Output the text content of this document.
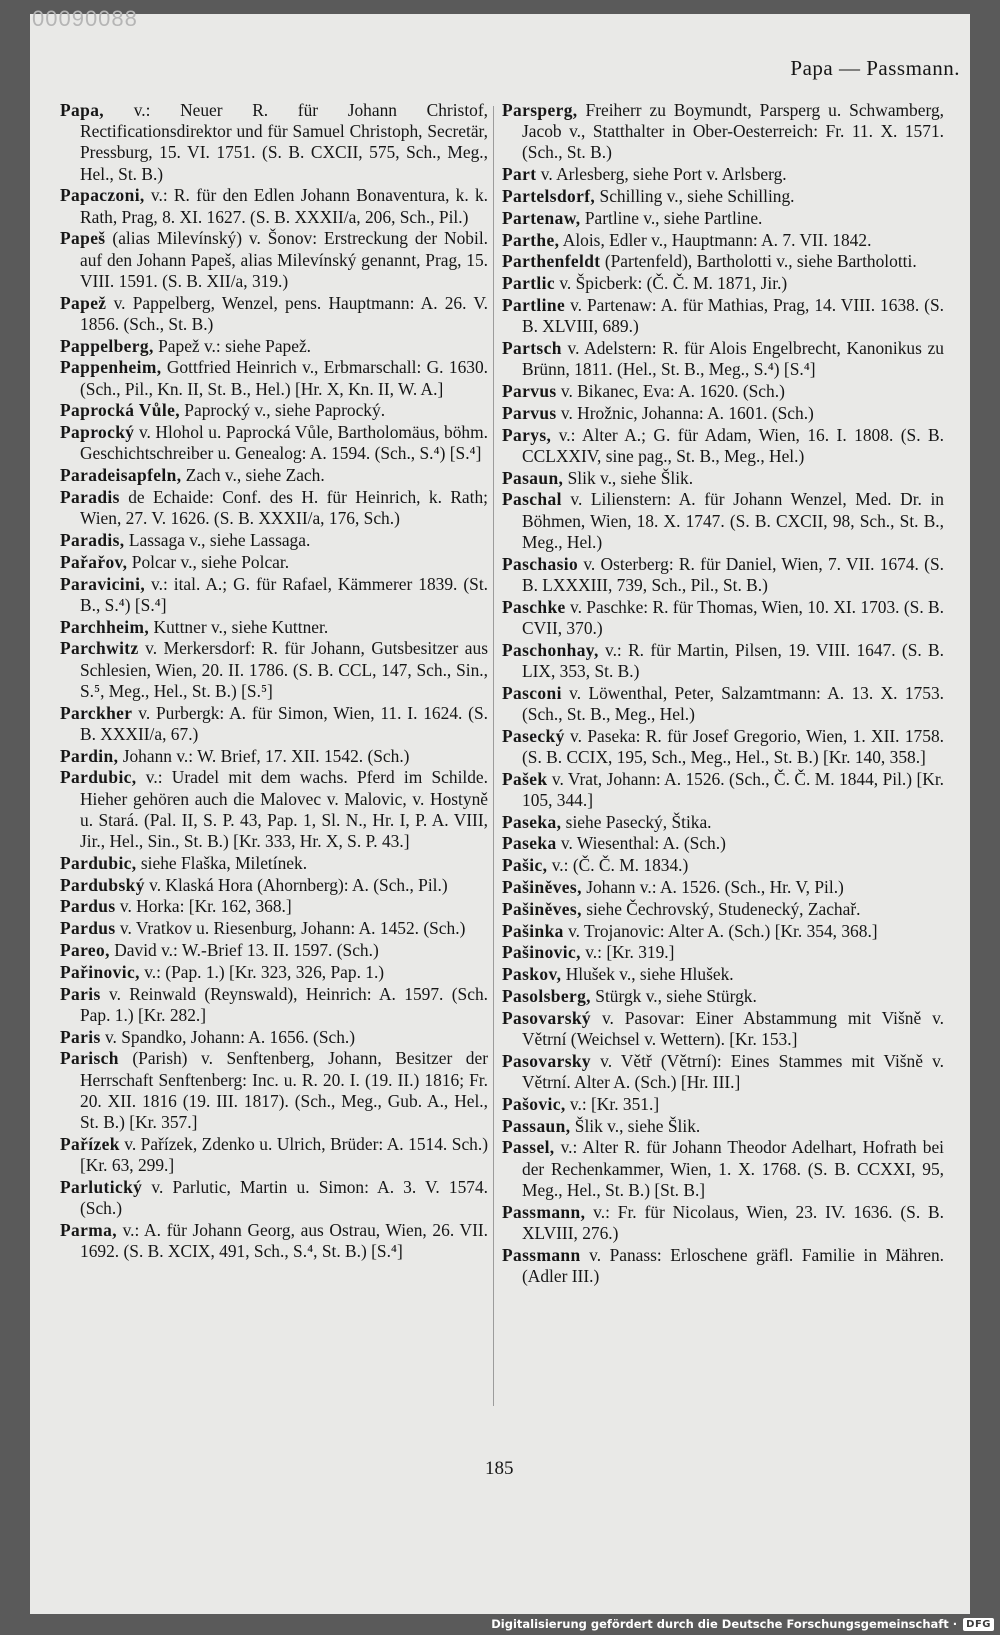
00090088
Papa — Passmann.

Papa, v.: Neuer R. für Johann Christof, Rectificationsdirektor und für Samuel Christoph, Secretär, Pressburg, 15. VI. 1751. (S. B. CXCII, 575, Sch., Meg., Hel., St. B.)

Papaczoni, v.: R. für den Edlen Johann Bonaventura, k. k. Rath, Prag, 8. XI. 1627. (S. B. XXXII/a, 206, Sch., Pil.)

Papeš (alias Milevínský) v. Šonov: Erstreckung der Nobil. auf den Johann Papeš, alias Milevínský genannt, Prag, 15. VIII. 1591. (S. B. XII/a, 319.)

Papež v. Pappelberg, Wenzel, pens. Hauptmann: A. 26. V. 1856. (Sch., St. B.)

Pappelberg, Papež v.: siehe Papež.

Pappenheim, Gottfried Heinrich v., Erbmarschall: G. 1630. (Sch., Pil., Kn. II, St. B., Hel.) [Hr. X, Kn. II, W. A.]

Paprocká Vůle, Paprocký v., siehe Paprocký.

Paprocký v. Hlohol u. Paprocká Vůle, Bartholomäus, böhm. Geschichtschreiber u. Genealog: A. 1594. (Sch., S.⁴) [S.⁴]

Paradeisapfeln, Zach v., siehe Zach.

Paradis de Echaide: Conf. des H. für Heinrich, k. Rath; Wien, 27. V. 1626. (S. B. XXXII/a, 176, Sch.)

Paradis, Lassaga v., siehe Lassaga.

Pařařov, Polcar v., siehe Polcar.

Paravicini, v.: ital. A.; G. für Rafael, Kämmerer 1839. (St. B., S.⁴) [S.⁴]

Parchheim, Kuttner v., siehe Kuttner.

Parchwitz v. Merkersdorf: R. für Johann, Gutsbesitzer aus Schlesien, Wien, 20. II. 1786. (S. B. CCL, 147, Sch., Sin., S.⁵, Meg., Hel., St. B.) [S.⁵]

Parckher v. Purbergk: A. für Simon, Wien, 11. I. 1624. (S. B. XXXII/a, 67.)

Pardin, Johann v.: W. Brief, 17. XII. 1542. (Sch.)

Pardubic, v.: Uradel mit dem wachs. Pferd im Schilde. Hieher gehören auch die Malovec v. Malovic, v. Hostyně u. Stará. (Pal. II, S. P. 43, Pap. 1, Sl. N., Hr. I, P. A. VIII, Jir., Hel., Sin., St. B.) [Kr. 333, Hr. X, S. P. 43.]

Pardubic, siehe Flaška, Miletínek.

Pardubský v. Klaská Hora (Ahornberg): A. (Sch., Pil.)

Pardus v. Horka: [Kr. 162, 368.]

Pardus v. Vratkov u. Riesenburg, Johann: A. 1452. (Sch.)

Pareo, David v.: W.-Brief 13. II. 1597. (Sch.)

Pařinovic, v.: (Pap. 1.) [Kr. 323, 326, Pap. 1.)

Paris v. Reinwald (Reynswald), Heinrich: A. 1597. (Sch. Pap. 1.) [Kr. 282.]

Paris v. Spandko, Johann: A. 1656. (Sch.)

Parisch (Parish) v. Senftenberg, Johann, Besitzer der Herrschaft Senftenberg: Inc. u. R. 20. I. (19. II.) 1816; Fr. 20. XII. 1816 (19. III. 1817). (Sch., Meg., Gub. A., Hel., St. B.) [Kr. 357.]

Pařízek v. Pařízek, Zdenko u. Ulrich, Brüder: A. 1514. Sch.) [Kr. 63, 299.]

Parlutický v. Parlutic, Martin u. Simon: A. 3. V. 1574. (Sch.)

Parma, v.: A. für Johann Georg, aus Ostrau, Wien, 26. VII. 1692. (S. B. XCIX, 491, Sch., S.⁴, St. B.) [S.⁴]

Parsperg, Freiherr zu Boymundt, Parsperg u. Schwamberg, Jacob v., Statthalter in Ober-Oesterreich: Fr. 11. X. 1571. (Sch., St. B.)

Part v. Arlesberg, siehe Port v. Arlsberg.

Partelsdorf, Schilling v., siehe Schilling.

Partenaw, Partline v., siehe Partline.

Parthe, Alois, Edler v., Hauptmann: A. 7. VII. 1842.

Parthenfeldt (Partenfeld), Bartholotti v., siehe Bartholotti.

Partlic v. Špicberk: (Č. Č. M. 1871, Jir.)

Partline v. Partenaw: A. für Mathias, Prag, 14. VIII. 1638. (S. B. XLVIII, 689.)

Partsch v. Adelstern: R. für Alois Engelbrecht, Kanonikus zu Brünn, 1811. (Hel., St. B., Meg., S.⁴) [S.⁴]

Parvus v. Bikanec, Eva: A. 1620. (Sch.)

Parvus v. Hrožnic, Johanna: A. 1601. (Sch.)

Parys, v.: Alter A.; G. für Adam, Wien, 16. I. 1808. (S. B. CCLXXIV, sine pag., St. B., Meg., Hel.)

Pasaun, Slik v., siehe Šlik.

Paschal v. Lilienstern: A. für Johann Wenzel, Med. Dr. in Böhmen, Wien, 18. X. 1747. (S. B. CXCII, 98, Sch., St. B., Meg., Hel.)

Paschasio v. Osterberg: R. für Daniel, Wien, 7. VII. 1674. (S. B. LXXXIII, 739, Sch., Pil., St. B.)

Paschke v. Paschke: R. für Thomas, Wien, 10. XI. 1703. (S. B. CVII, 370.)

Paschonhay, v.: R. für Martin, Pilsen, 19. VIII. 1647. (S. B. LIX, 353, St. B.)

Pasconi v. Löwenthal, Peter, Salzamtmann: A. 13. X. 1753. (Sch., St. B., Meg., Hel.)

Pasecký v. Paseka: R. für Josef Gregorio, Wien, 1. XII. 1758. (S. B. CCIX, 195, Sch., Meg., Hel., St. B.) [Kr. 140, 358.]

Pašek v. Vrat, Johann: A. 1526. (Sch., Č. Č. M. 1844, Pil.) [Kr. 105, 344.]

Paseka, siehe Pasecký, Štika.

Paseka v. Wiesenthal: A. (Sch.)

Pašic, v.: (Č. Č. M. 1834.)

Pašiněves, Johann v.: A. 1526. (Sch., Hr. V, Pil.)

Pašiněves, siehe Čechrovský, Studenecký, Zachař.

Pašinka v. Trojanovic: Alter A. (Sch.) [Kr. 354, 368.]

Pašinovic, v.: [Kr. 319.]

Paskov, Hlušek v., siehe Hlušek.

Pasolsberg, Stürgk v., siehe Stürgk.

Pasovarský v. Pasovar: Einer Abstammung mit Višně v. Větrní (Weichsel v. Wettern). [Kr. 153.]

Pasovarsky v. Větř (Větrní): Eines Stammes mit Višně v. Větrní. Alter A. (Sch.) [Hr. III.]

Pašovic, v.: [Kr. 351.]

Passaun, Šlik v., siehe Šlik.

Passel, v.: Alter R. für Johann Theodor Adelhart, Hofrath bei der Rechenkammer, Wien, 1. X. 1768. (S. B. CCXXI, 95, Meg., Hel., St. B.) [St. B.]

Passmann, v.: Fr. für Nicolaus, Wien, 23. IV. 1636. (S. B. XLVIII, 276.)

Passmann v. Panass: Erloschene gräfl. Familie in Mähren. (Adler III.)

185
Digitalisierung gefördert durch die Deutsche Forschungsgemeinschaft · DFG
